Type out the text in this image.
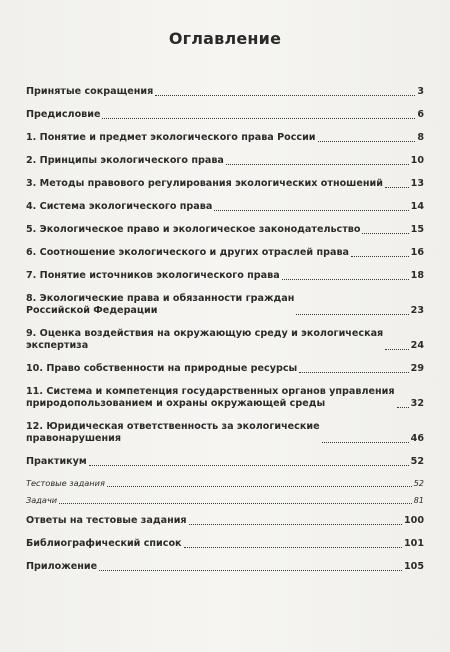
Оглавление
Принятые сокращения	3
Предисловие	6
1. Понятие и предмет экологического права России	8
2. Принципы экологического права	10
3. Методы правового регулирования экологических отношений	13
4. Система экологического права	14
5. Экологическое право и экологическое законодательство	15
6. Соотношение экологического и других отраслей права	16
7. Понятие источников экологического права	18
8. Экологические права и обязанности граждан
Российской Федерации	23
9. Оценка воздействия на окружающую среду и экологическая
экспертиза	24
10. Право собственности на природные ресурсы	29
11. Система и компетенция государственных органов управления
природопользованием и охраны окружающей среды	32
12. Юридическая ответственность за экологические
правонарушения	46
Практикум	52
Тестовые задания	52
Задачи	81
Ответы на тестовые задания	100
Библиографический список	101
Приложение	105
